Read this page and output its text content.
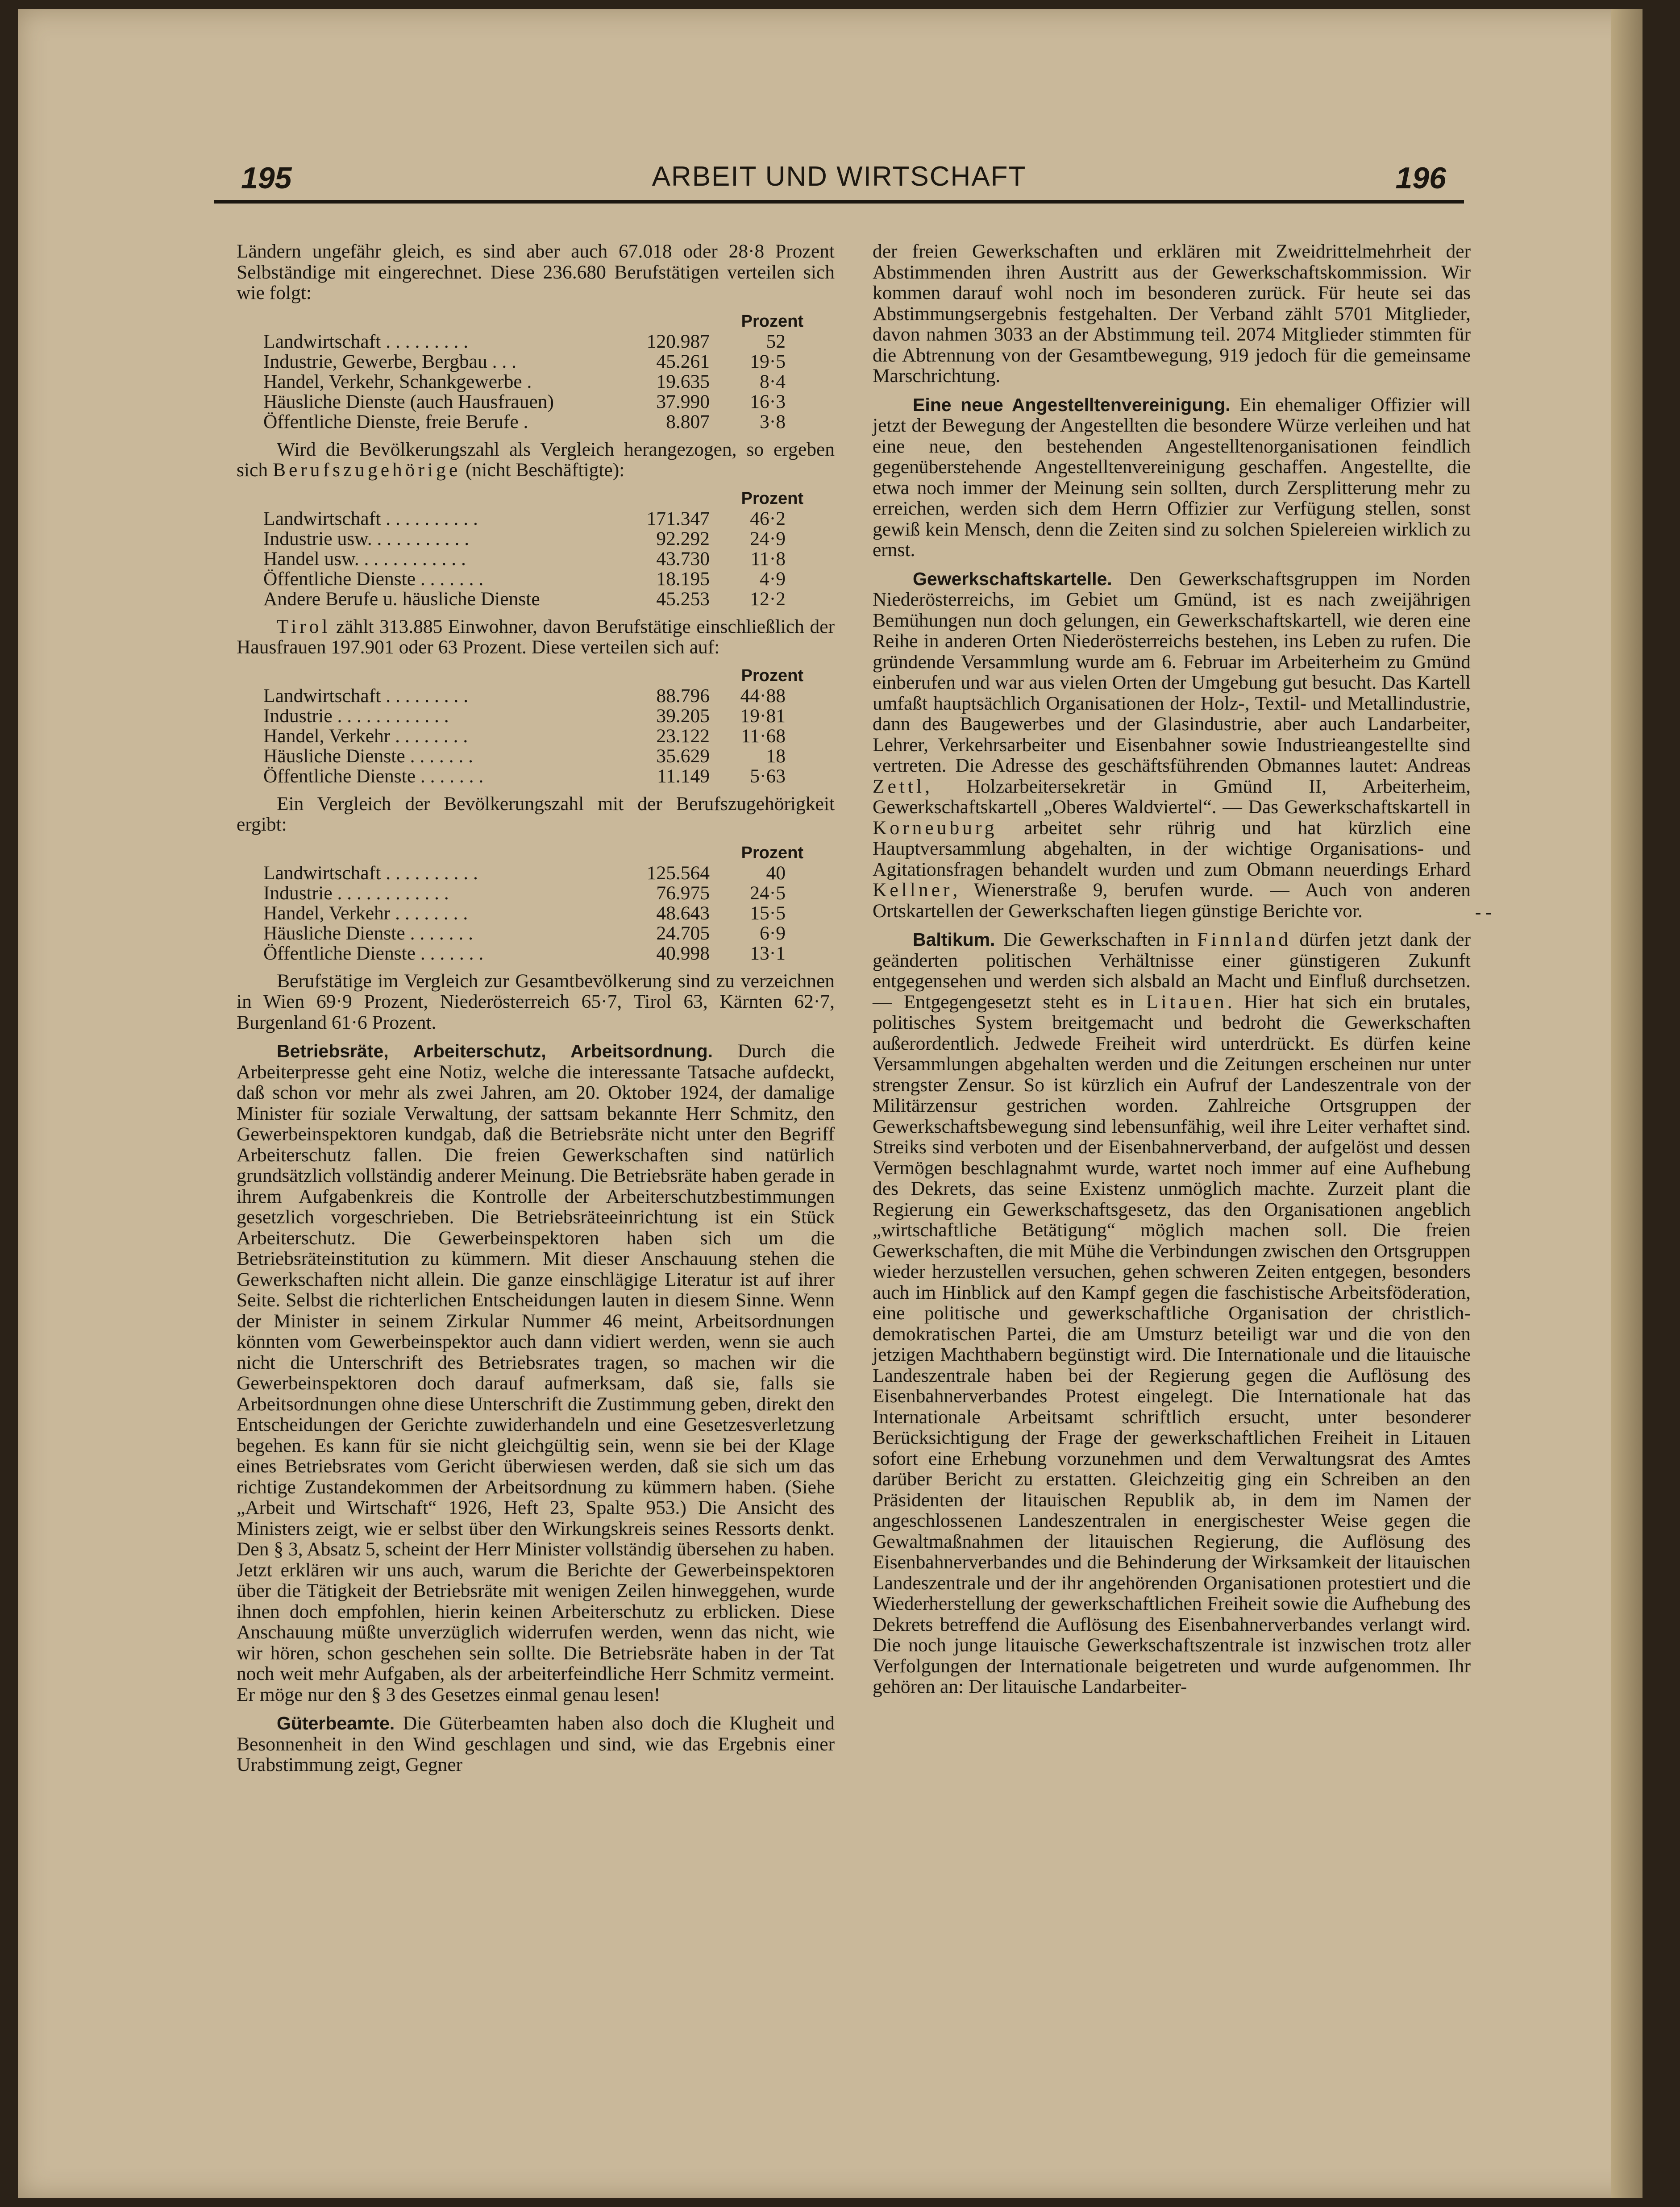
195	ARBEIT UND WIRTSCHAFT	196

Ländern ungefähr gleich, es sind aber auch 67.018 oder 28·8 Prozent Selbständige mit eingerechnet. Diese 236.680 Berufstätigen verteilen sich wie folgt:

		Prozent
Landwirtschaft . . . . . . . . .	120.987	52
Industrie, Gewerbe, Bergbau . . .	45.261	19·5
Handel, Verkehr, Schankgewerbe .	19.635	8·4
Häusliche Dienste (auch Hausfrauen)	37.990	16·3
Öffentliche Dienste, freie Berufe .	8.807	3·8

Wird die Bevölkerungszahl als Vergleich herangezogen, so ergeben sich Berufszugehörige (nicht Beschäftigte):

		Prozent
Landwirtschaft . . . . . . . . . .	171.347	46·2
Industrie usw. . . . . . . . . . .	92.292	24·9
Handel usw. . . . . . . . . . . .	43.730	11·8
Öffentliche Dienste . . . . . . .	18.195	4·9
Andere Berufe u. häusliche Dienste	45.253	12·2

Tirol zählt 313.885 Einwohner, davon Berufstätige einschließlich der Hausfrauen 197.901 oder 63 Prozent. Diese verteilen sich auf:

		Prozent
Landwirtschaft . . . . . . . . .	88.796	44·88
Industrie . . . . . . . . . . . .	39.205	19·81
Handel, Verkehr . . . . . . . .	23.122	11·68
Häusliche Dienste . . . . . . .	35.629	18
Öffentliche Dienste . . . . . . .	11.149	5·63

Ein Vergleich der Bevölkerungszahl mit der Berufszugehörigkeit ergibt:

		Prozent
Landwirtschaft . . . . . . . . . .	125.564	40
Industrie . . . . . . . . . . . .	76.975	24·5
Handel, Verkehr . . . . . . . .	48.643	15·5
Häusliche Dienste . . . . . . .	24.705	6·9
Öffentliche Dienste . . . . . . .	40.998	13·1

Berufstätige im Vergleich zur Gesamtbevölkerung sind zu verzeichnen in Wien 69·9 Prozent, Niederösterreich 65·7, Tirol 63, Kärnten 62·7, Burgenland 61·6 Prozent.

Betriebsräte, Arbeiterschutz, Arbeitsordnung. Durch die Arbeiterpresse geht eine Notiz, welche die interessante Tatsache aufdeckt, daß schon vor mehr als zwei Jahren, am 20. Oktober 1924, der damalige Minister für soziale Verwaltung, der sattsam bekannte Herr Schmitz, den Gewerbeinspektoren kundgab, daß die Betriebsräte nicht unter den Begriff Arbeiterschutz fallen. Die freien Gewerkschaften sind natürlich grundsätzlich vollständig anderer Meinung. Die Betriebsräte haben gerade in ihrem Aufgabenkreis die Kontrolle der Arbeiterschutzbestimmungen gesetzlich vorgeschrieben. Die Betriebsräteeinrichtung ist ein Stück Arbeiterschutz. Die Gewerbeinspektoren haben sich um die Betriebsräteinstitution zu kümmern. Mit dieser Anschauung stehen die Gewerkschaften nicht allein. Die ganze einschlägige Literatur ist auf ihrer Seite. Selbst die richterlichen Entscheidungen lauten in diesem Sinne. Wenn der Minister in seinem Zirkular Nummer 46 meint, Arbeitsordnungen könnten vom Gewerbeinspektor auch dann vidiert werden, wenn sie auch nicht die Unterschrift des Betriebsrates tragen, so machen wir die Gewerbeinspektoren doch darauf aufmerksam, daß sie, falls sie Arbeitsordnungen ohne diese Unterschrift die Zustimmung geben, direkt den Entscheidungen der Gerichte zuwiderhandeln und eine Gesetzesverletzung begehen. Es kann für sie nicht gleichgültig sein, wenn sie bei der Klage eines Betriebsrates vom Gericht überwiesen werden, daß sie sich um das richtige Zustandekommen der Arbeitsordnung zu kümmern haben. (Siehe „Arbeit und Wirtschaft“ 1926, Heft 23, Spalte 953.) Die Ansicht des Ministers zeigt, wie er selbst über den Wirkungskreis seines Ressorts denkt. Den § 3, Absatz 5, scheint der Herr Minister vollständig übersehen zu haben. Jetzt erklären wir uns auch, warum die Berichte der Gewerbeinspektoren über die Tätigkeit der Betriebsräte mit wenigen Zeilen hinweggehen, wurde ihnen doch empfohlen, hierin keinen Arbeiterschutz zu erblicken. Diese Anschauung müßte unverzüglich widerrufen werden, wenn das nicht, wie wir hören, schon geschehen sein sollte. Die Betriebsräte haben in der Tat noch weit mehr Aufgaben, als der arbeiterfeindliche Herr Schmitz vermeint. Er möge nur den § 3 des Gesetzes einmal genau lesen!

Güterbeamte. Die Güterbeamten haben also doch die Klugheit und Besonnenheit in den Wind geschlagen und sind, wie das Ergebnis einer Urabstimmung zeigt, Gegner

der freien Gewerkschaften und erklären mit Zweidrittelmehrheit der Abstimmenden ihren Austritt aus der Gewerkschaftskommission. Wir kommen darauf wohl noch im besonderen zurück. Für heute sei das Abstimmungsergebnis festgehalten. Der Verband zählt 5701 Mitglieder, davon nahmen 3033 an der Abstimmung teil. 2074 Mitglieder stimmten für die Abtrennung von der Gesamtbewegung, 919 jedoch für die gemeinsame Marschrichtung.

Eine neue Angestelltenvereinigung. Ein ehemaliger Offizier will jetzt der Bewegung der Angestellten die besondere Würze verleihen und hat eine neue, den bestehenden Angestelltenorganisationen feindlich gegenüberstehende Angestelltenvereinigung geschaffen. Angestellte, die etwa noch immer der Meinung sein sollten, durch Zersplitterung mehr zu erreichen, werden sich dem Herrn Offizier zur Verfügung stellen, sonst gewiß kein Mensch, denn die Zeiten sind zu solchen Spielereien wirklich zu ernst.

Gewerkschaftskartelle. Den Gewerkschaftsgruppen im Norden Niederösterreichs, im Gebiet um Gmünd, ist es nach zweijährigen Bemühungen nun doch gelungen, ein Gewerkschaftskartell, wie deren eine Reihe in anderen Orten Niederösterreichs bestehen, ins Leben zu rufen. Die gründende Versammlung wurde am 6. Februar im Arbeiterheim zu Gmünd einberufen und war aus vielen Orten der Umgebung gut besucht. Das Kartell umfaßt hauptsächlich Organisationen der Holz-, Textil- und Metallindustrie, dann des Baugewerbes und der Glasindustrie, aber auch Landarbeiter, Lehrer, Verkehrsarbeiter und Eisenbahner sowie Industrieangestellte sind vertreten. Die Adresse des geschäftsführenden Obmannes lautet: Andreas Zettl, Holzarbeitersekretär in Gmünd II, Arbeiterheim, Gewerkschaftskartell „Oberes Waldviertel“. — Das Gewerkschaftskartell in Korneuburg arbeitet sehr rührig und hat kürzlich eine Hauptversammlung abgehalten, in der wichtige Organisations- und Agitationsfragen behandelt wurden und zum Obmann neuerdings Erhard Kellner, Wienerstraße 9, berufen wurde. — Auch von anderen Ortskartellen der Gewerkschaften liegen günstige Berichte vor.

Baltikum. Die Gewerkschaften in Finnland dürfen jetzt dank der geänderten politischen Verhältnisse einer günstigeren Zukunft entgegensehen und werden sich alsbald an Macht und Einfluß durchsetzen. — Entgegengesetzt steht es in Litauen. Hier hat sich ein brutales, politisches System breitgemacht und bedroht die Gewerkschaften außerordentlich. Jedwede Freiheit wird unterdrückt. Es dürfen keine Versammlungen abgehalten werden und die Zeitungen erscheinen nur unter strengster Zensur. So ist kürzlich ein Aufruf der Landeszentrale von der Militärzensur gestrichen worden. Zahlreiche Ortsgruppen der Gewerkschaftsbewegung sind lebensunfähig, weil ihre Leiter verhaftet sind. Streiks sind verboten und der Eisenbahnerverband, der aufgelöst und dessen Vermögen beschlagnahmt wurde, wartet noch immer auf eine Aufhebung des Dekrets, das seine Existenz unmöglich machte. Zurzeit plant die Regierung ein Gewerkschaftsgesetz, das den Organisationen angeblich „wirtschaftliche Betätigung“ möglich machen soll. Die freien Gewerkschaften, die mit Mühe die Verbindungen zwischen den Ortsgruppen wieder herzustellen versuchen, gehen schweren Zeiten entgegen, besonders auch im Hinblick auf den Kampf gegen die faschistische Arbeitsföderation, eine politische und gewerkschaftliche Organisation der christlich-demokratischen Partei, die am Umsturz beteiligt war und die von den jetzigen Machthabern begünstigt wird. Die Internationale und die litauische Landeszentrale haben bei der Regierung gegen die Auflösung des Eisenbahnerverbandes Protest eingelegt. Die Internationale hat das Internationale Arbeitsamt schriftlich ersucht, unter besonderer Berücksichtigung der Frage der gewerkschaftlichen Freiheit in Litauen sofort eine Erhebung vorzunehmen und dem Verwaltungsrat des Amtes darüber Bericht zu erstatten. Gleichzeitig ging ein Schreiben an den Präsidenten der litauischen Republik ab, in dem im Namen der angeschlossenen Landeszentralen in energischester Weise gegen die Gewaltmaßnahmen der litauischen Regierung, die Auflösung des Eisenbahnerverbandes und die Behinderung der Wirksamkeit der litauischen Landeszentrale und der ihr angehörenden Organisationen protestiert und die Wiederherstellung der gewerkschaftlichen Freiheit sowie die Aufhebung des Dekrets betreffend die Auflösung des Eisenbahnerverbandes verlangt wird. Die noch junge litauische Gewerkschaftszentrale ist inzwischen trotz aller Verfolgungen der Internationale beigetreten und wurde aufgenommen. Ihr gehören an: Der litauische Landarbeiter-

- -
